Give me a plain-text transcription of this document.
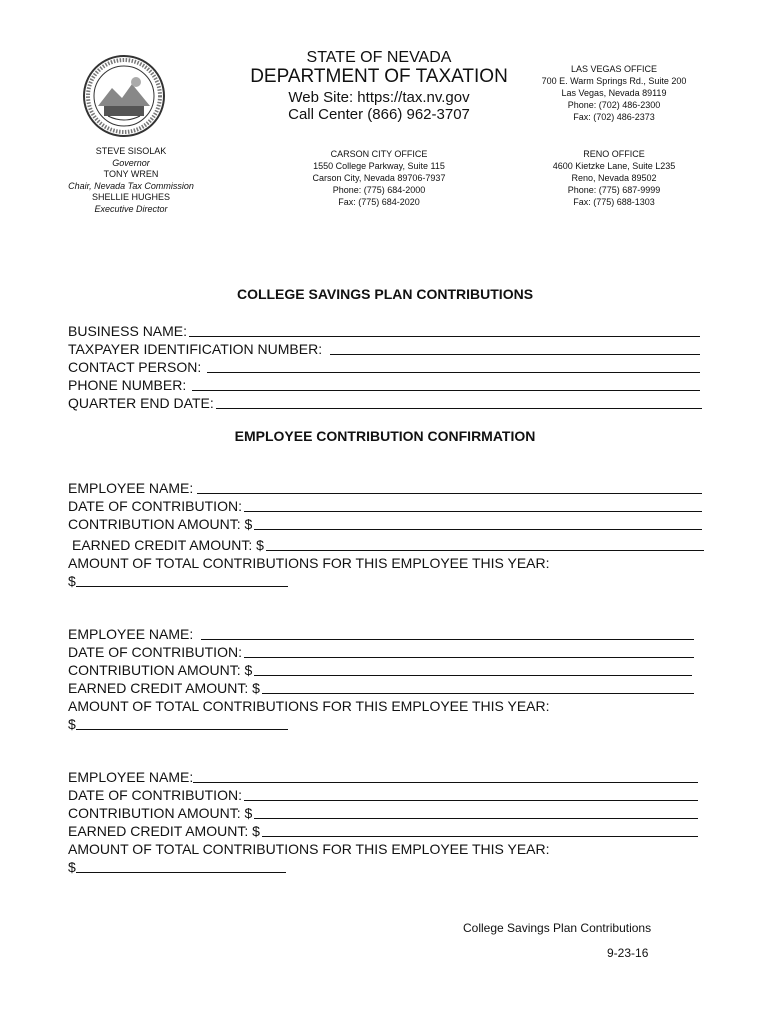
STATE OF NEVADA
DEPARTMENT OF TAXATION
Web Site: https://tax.nv.gov
Call Center (866) 962-3707
LAS VEGAS OFFICE
700 E. Warm Springs Rd., Suite 200
Las Vegas, Nevada 89119
Phone: (702) 486-2300
Fax: (702) 486-2373
CARSON CITY OFFICE
1550 College Parkway, Suite 115
Carson City, Nevada 89706-7937
Phone: (775) 684-2000
Fax: (775) 684-2020
RENO OFFICE
4600 Kietzke Lane, Suite L235
Reno, Nevada 89502
Phone: (775) 687-9999
Fax: (775) 688-1303
STEVE SISOLAK
Governor
TONY WREN
Chair, Nevada Tax Commission
SHELLIE HUGHES
Executive Director
COLLEGE SAVINGS PLAN CONTRIBUTIONS
BUSINESS NAME:
TAXPAYER IDENTIFICATION NUMBER:
CONTACT PERSON:
PHONE NUMBER:
QUARTER END DATE:
EMPLOYEE CONTRIBUTION CONFIRMATION
EMPLOYEE NAME:
DATE OF CONTRIBUTION:
CONTRIBUTION AMOUNT: $
EARNED CREDIT AMOUNT: $
AMOUNT OF TOTAL CONTRIBUTIONS FOR THIS EMPLOYEE THIS YEAR:
$
EMPLOYEE NAME:
DATE OF CONTRIBUTION:
CONTRIBUTION AMOUNT: $
EARNED CREDIT AMOUNT: $
AMOUNT OF TOTAL CONTRIBUTIONS FOR THIS EMPLOYEE THIS YEAR:
$
EMPLOYEE NAME:
DATE OF CONTRIBUTION:
CONTRIBUTION AMOUNT: $
EARNED CREDIT AMOUNT: $
AMOUNT OF TOTAL CONTRIBUTIONS FOR THIS EMPLOYEE THIS YEAR:
$
College Savings Plan Contributions
9-23-16
